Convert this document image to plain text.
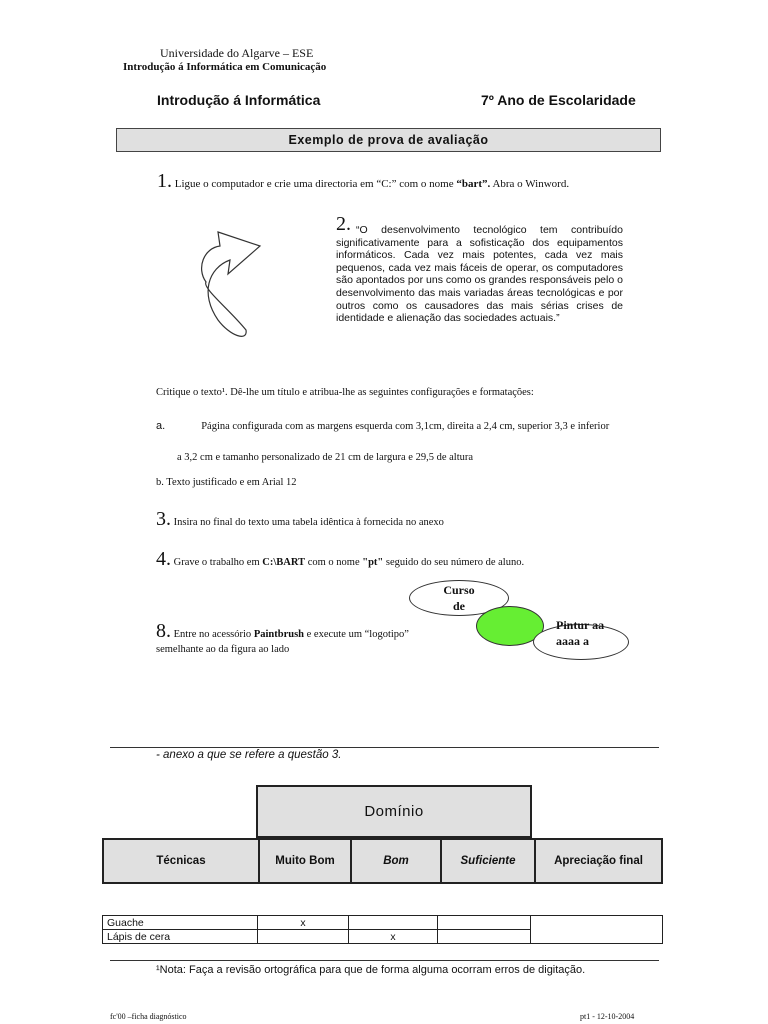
Universidade do Algarve – ESE
Introdução á Informática em Comunicação
Introdução á Informática	7º Ano de Escolaridade
Exemplo de prova de avaliação
1. Ligue o computador e crie uma directoria em “C:” com o nome “bart”. Abra o Winword.
2. “O desenvolvimento tecnológico tem contribuído significativamente para a sofisticação dos equipamentos informáticos. Cada vez mais potentes, cada vez mais pequenos, cada vez mais fáceis de operar, os computadores são apontados por uns como os grandes responsáveis pelo o desenvolvimento das mais variadas áreas tecnológicas e por outros como os causadores das mais sérias crises de identidade e alienação das sociedades actuais.”
Critique o texto¹. Dê-lhe um título e atribua-lhe as seguintes configurações e formatações:
a.	Página configurada com as margens esquerda com 3,1cm, direita a 2,4 cm, superior 3,3 e inferior
a 3,2 cm e tamanho personalizado de 21 cm de largura e 29,5 de altura
b. Texto justificado e em Arial 12
3. Insira no final do texto uma tabela idêntica à fornecida no anexo
4. Grave o trabalho em C:\BART com o nome "pt" seguido do seu número de aluno.
8. Entre no acessório Paintbrush e execute um “logotipo” semelhante ao da figura ao lado
Curso de
Pintur aaaaaa a
- anexo a que se refere a questão 3.
Domínio
Técnicas	Muito Bom	Bom	Suficiente	Apreciação final
Guache	x			
Lápis de cera		x		
¹Nota: Faça a revisão ortográfica para que de forma alguma ocorram erros de digitação.
fc'00 –ficha diagnóstico	pt1 - 12-10-2004
